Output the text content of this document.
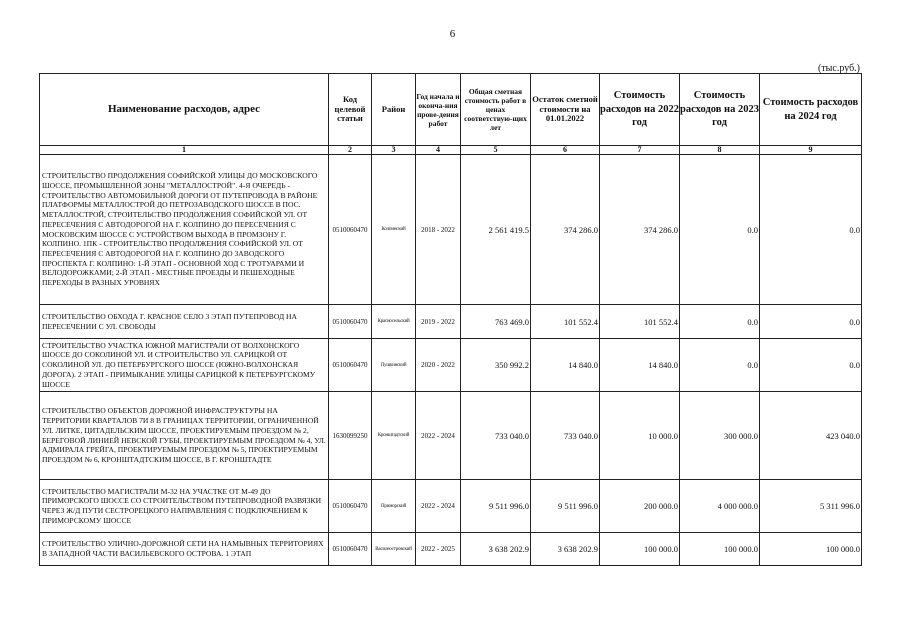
6
(тыс.руб.)
Наименование расходов, адрес	Код целевой статьи	Район	Год начала и оконча-ния прове-дения работ	Общая сметная стоимость работ в ценах соответствую-щих лет	Остаток сметной стоимости на 01.01.2022	Стоимость расходов на 2022 год	Стоимость расходов на 2023 год	Стоимость расходов на 2024 год
1	2	3	4	5	6	7	8	9
СТРОИТЕЛЬСТВО ПРОДОЛЖЕНИЯ СОФИЙСКОЙ УЛИЦЫ ДО МОСКОВСКОГО ШОССЕ, ПРОМЫШЛЕННОЙ ЗОНЫ "МЕТАЛЛОСТРОЙ". 4-Я ОЧЕРЕДЬ - СТРОИТЕЛЬСТВО АВТОМОБИЛЬНОЙ ДОРОГИ ОТ ПУТЕПРОВОДА В РАЙОНЕ ПЛАТФОРМЫ МЕТАЛЛОСТРОЙ ДО ПЕТРОЗАВОДСКОГО ШОССЕ В ПОС. МЕТАЛЛОСТРОЙ, СТРОИТЕЛЬСТВО ПРОДОЛЖЕНИЯ СОФИЙСКОЙ УЛ. ОТ ПЕРЕСЕЧЕНИЯ С АВТОДОРОГОЙ НА Г. КОЛПИНО ДО ПЕРЕСЕЧЕНИЯ С МОСКОВСКИМ ШОССЕ С УСТРОЙСТВОМ ВЫХОДА В ПРОМЗОНУ Г. КОЛПИНО. 1ПК - СТРОИТЕЛЬСТВО ПРОДОЛЖЕНИЯ СОФИЙСКОЙ УЛ. ОТ ПЕРЕСЕЧЕНИЯ С АВТОДОРОГОЙ НА Г. КОЛПИНО ДО ЗАВОДСКОГО ПРОСПЕКТА Г. КОЛПИНО: 1-Й ЭТАП - ОСНОВНОЙ ХОД С ТРОТУАРАМИ И ВЕЛОДОРОЖКАМИ; 2-Й ЭТАП - МЕСТНЫЕ ПРОЕЗДЫ И ПЕШЕХОДНЫЕ ПЕРЕХОДЫ В РАЗНЫХ УРОВНЯХ	0510060470	Колпинский	2018 - 2022	2 561 419.5	374 286.0	374 286.0	0.0	0.0
СТРОИТЕЛЬСТВО ОБХОДА Г. КРАСНОЕ СЕЛО 3 ЭТАП ПУТЕПРОВОД НА ПЕРЕСЕЧЕНИИ С УЛ. СВОБОДЫ	0510060470	Красносельский	2019 - 2022	763 469.0	101 552.4	101 552.4	0.0	0.0
СТРОИТЕЛЬСТВО УЧАСТКА ЮЖНОЙ МАГИСТРАЛИ ОТ ВОЛХОНСКОГО ШОССЕ ДО СОКОЛИНОЙ УЛ. И СТРОИТЕЛЬСТВО УЛ. САРИЦКОЙ ОТ СОКОЛИНОЙ УЛ. ДО ПЕТЕРБУРГСКОГО ШОССЕ (ЮЖНО-ВОЛХОНСКАЯ ДОРОГА). 2 ЭТАП - ПРИМЫКАНИЕ УЛИЦЫ САРИЦКОЙ К ПЕТЕРБУРГСКОМУ ШОССЕ	0510060470	Пушкинский	2020 - 2022	350 992.2	14 840.0	14 840.0	0.0	0.0
СТРОИТЕЛЬСТВО ОБЪЕКТОВ ДОРОЖНОЙ ИНФРАСТРУКТУРЫ НА ТЕРРИТОРИИ КВАРТАЛОВ 7И 8 В ГРАНИЦАХ ТЕРРИТОРИИ, ОГРАНИЧЕННОЙ УЛ. ЛИТКЕ, ЦИТАДЕЛЬСКИМ ШОССЕ, ПРОЕКТИРУЕМЫМ ПРОЕЗДОМ № 2, БЕРЕГОВОЙ ЛИНИЕЙ НЕВСКОЙ ГУБЫ, ПРОЕКТИРУЕМЫМ ПРОЕЗДОМ № 4, УЛ. АДМИРАЛА ГРЕЙГА, ПРОЕКТИРУЕМЫМ ПРОЕЗДОМ № 5, ПРОЕКТИРУЕМЫМ ПРОЕЗДОМ № 6, КРОНШТАДТСКИМ ШОССЕ, В Г. КРОНШТАДТЕ	1630099250	Кронштадтский	2022 - 2024	733 040.0	733 040.0	10 000.0	300 000.0	423 040.0
СТРОИТЕЛЬСТВО МАГИСТРАЛИ М-32 НА УЧАСТКЕ ОТ М-49 ДО ПРИМОРСКОГО ШОССЕ СО СТРОИТЕЛЬСТВОМ ПУТЕПРОВОДНОЙ РАЗВЯЗКИ ЧЕРЕЗ Ж/Д ПУТИ СЕСТРОРЕЦКОГО НАПРАВЛЕНИЯ С ПОДКЛЮЧЕНИЕМ К ПРИМОРСКОМУ ШОССЕ	0510060470	Приморский	2022 - 2024	9 511 996.0	9 511 996.0	200 000.0	4 000 000.0	5 311 996.0
СТРОИТЕЛЬСТВО УЛИЧНО-ДОРОЖНОЙ СЕТИ НА НАМЫВНЫХ ТЕРРИТОРИЯХ В ЗАПАДНОЙ ЧАСТИ ВАСИЛЬЕВСКОГО ОСТРОВА. 1 ЭТАП	0510060470	Василеостровский	2022 - 2025	3 638 202.9	3 638 202.9	100 000.0	100 000.0	100 000.0
